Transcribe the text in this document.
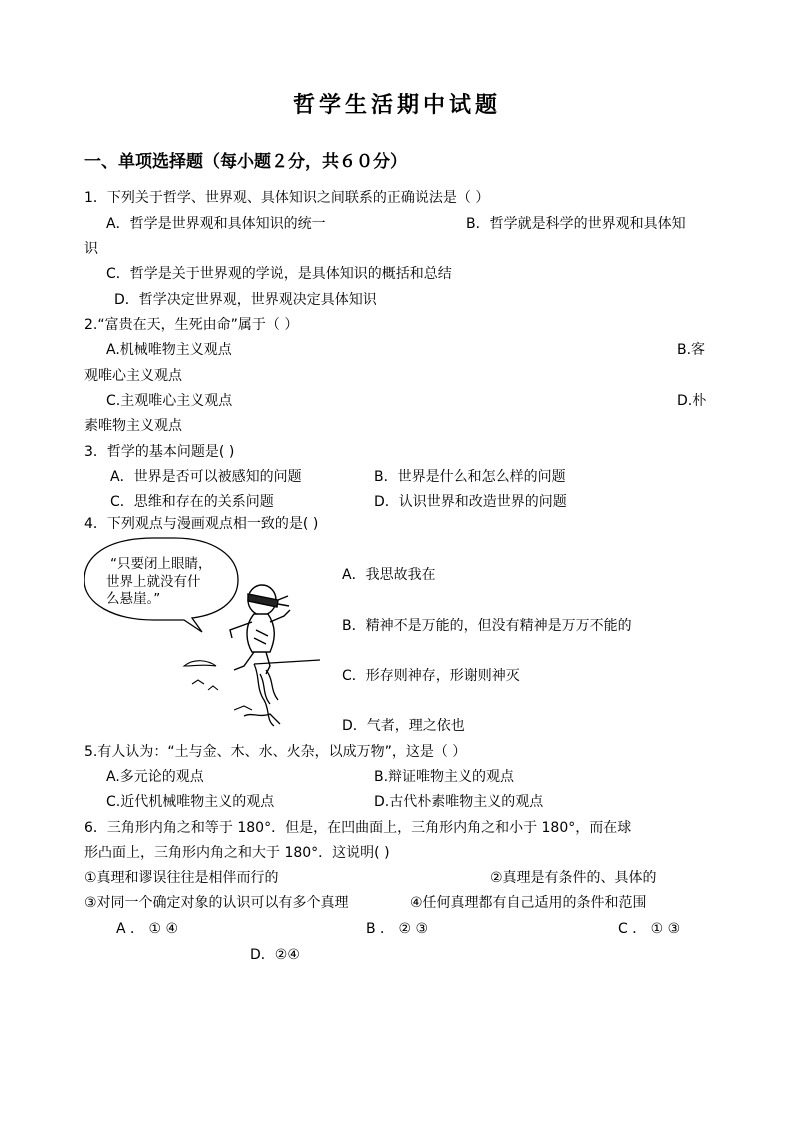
哲学生活期中试题
一、单项选择题（每小题２分，共６０分）
1．下列关于哲学、世界观、具体知识之间联系的正确说法是（ ）
A．哲学是世界观和具体知识的统一	B．哲学就是科学的世界观和具体知
识
C．哲学是关于世界观的学说，是具体知识的概括和总结
D．哲学决定世界观，世界观决定具体知识
2.“富贵在天，生死由命”属于（ ）
A.机械唯物主义观点	B.客
观唯心主义观点
C.主观唯心主义观点	D.朴
素唯物主义观点
3．哲学的基本问题是( )
A．世界是否可以被感知的问题	B．世界是什么和怎么样的问题
C．思维和存在的关系问题	D．认识世界和改造世界的问题
4．下列观点与漫画观点相一致的是( )
“只要闭上眼睛，
世界上就没有什
么悬崖。”
A．我思故我在
B．精神不是万能的，但没有精神是万万不能的
C．形存则神存，形谢则神灭
D．气者，理之依也
5.有人认为：“土与金、木、水、火杂，以成万物”，这是（ ）
A.多元论的观点	B.辩证唯物主义的观点
C.近代机械唯物主义的观点	D.古代朴素唯物主义的观点
6．三角形内角之和等于 180°．但是，在凹曲面上，三角形内角之和小于 180°，而在球
形凸面上，三角形内角之和大于 180°．这说明( )
①真理和谬误往往是相伴而行的	②真理是有条件的、具体的
③对同一个确定对象的认识可以有多个真理	④任何真理都有自己适用的条件和范围
A ． ① ④	B ． ② ③	C ． ① ③
D．②④
